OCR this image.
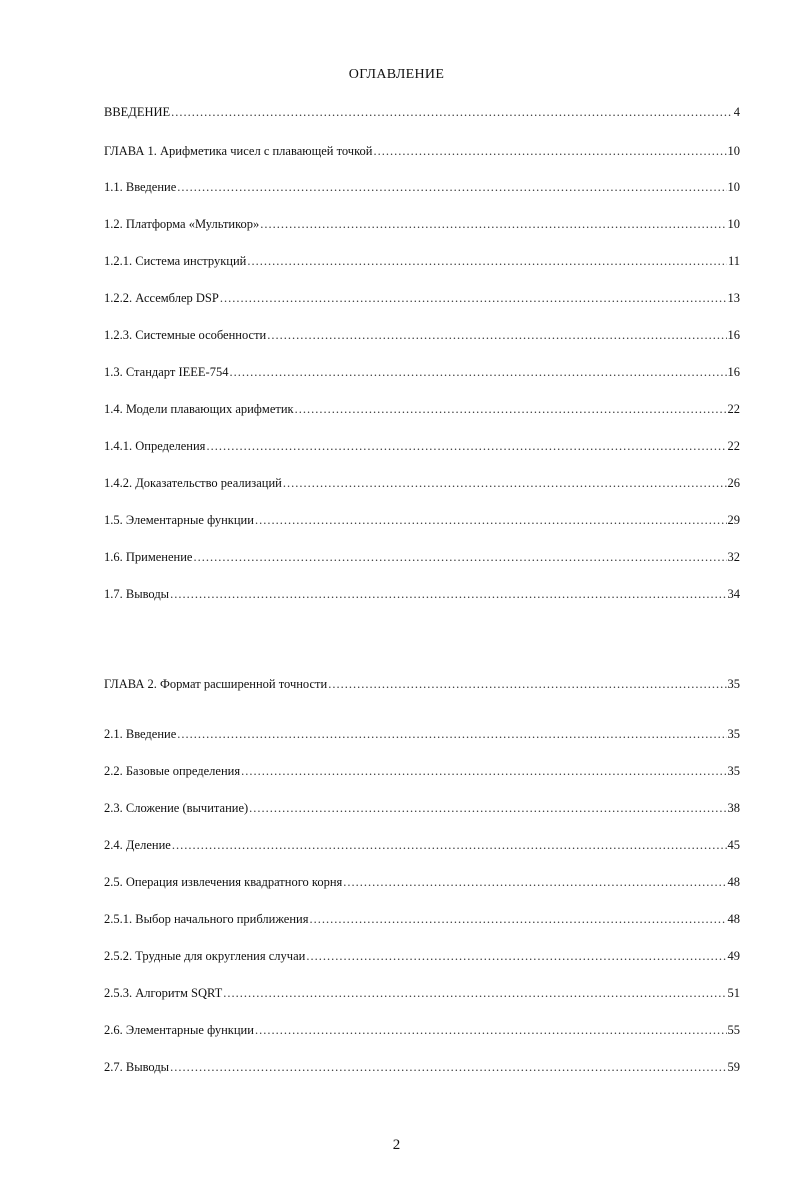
ОГЛАВЛЕНИЕ
ВВЕДЕНИЕ .....	4
ГЛАВА 1. Арифметика чисел с плавающей точкой .....	10
1.1. Введение .....	10
1.2. Платформа «Мультикор» .....	10
1.2.1. Система инструкций .....	11
1.2.2. Ассемблер DSP .....	13
1.2.3. Системные особенности .....	16
1.3. Стандарт IEEE-754 .....	16
1.4. Модели плавающих арифметик .....	22
1.4.1. Определения .....	22
1.4.2. Доказательство реализаций .....	26
1.5. Элементарные функции .....	29
1.6. Применение .....	32
1.7. Выводы .....	34
ГЛАВА 2. Формат расширенной точности .....	35
2.1. Введение .....	35
2.2. Базовые определения .....	35
2.3. Сложение (вычитание) .....	38
2.4. Деление .....	45
2.5. Операция извлечения квадратного корня .....	48
2.5.1. Выбор начального приближения .....	48
2.5.2. Трудные для округления случаи .....	49
2.5.3. Алгоритм SQRT .....	51
2.6. Элементарные функции .....	55
2.7. Выводы .....	59
2
